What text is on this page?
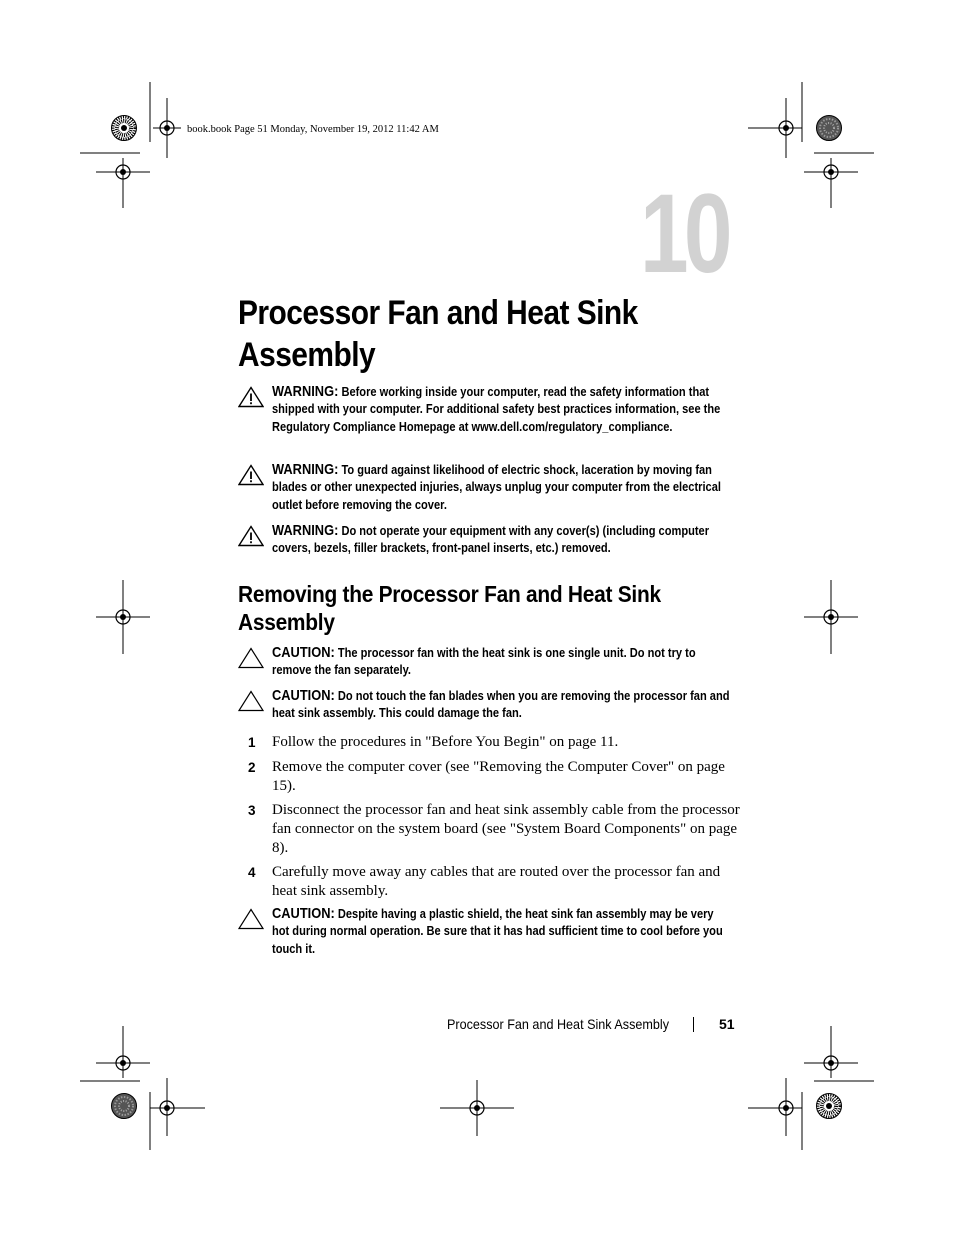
book.book Page 51 Monday, November 19, 2012 11:42 AM
10
Processor Fan and Heat Sink Assembly
WARNING: Before working inside your computer, read the safety information that shipped with your computer. For additional safety best practices information, see the Regulatory Compliance Homepage at www.dell.com/regulatory_compliance.
WARNING: To guard against likelihood of electric shock, laceration by moving fan blades or other unexpected injuries, always unplug your computer from the electrical outlet before removing the cover.
WARNING: Do not operate your equipment with any cover(s) (including computer covers, bezels, filler brackets, front-panel inserts, etc.) removed.
Removing the Processor Fan and Heat Sink Assembly
CAUTION: The processor fan with the heat sink is one single unit. Do not try to remove the fan separately.
CAUTION: Do not touch the fan blades when you are removing the processor fan and heat sink assembly. This could damage the fan.
1 Follow the procedures in "Before You Begin" on page 11.
2 Remove the computer cover (see "Removing the Computer Cover" on page 15).
3 Disconnect the processor fan and heat sink assembly cable from the processor fan connector on the system board (see "System Board Components" on page 8).
4 Carefully move away any cables that are routed over the processor fan and heat sink assembly.
CAUTION: Despite having a plastic shield, the heat sink fan assembly may be very hot during normal operation. Be sure that it has had sufficient time to cool before you touch it.
Processor Fan and Heat Sink Assembly	51
